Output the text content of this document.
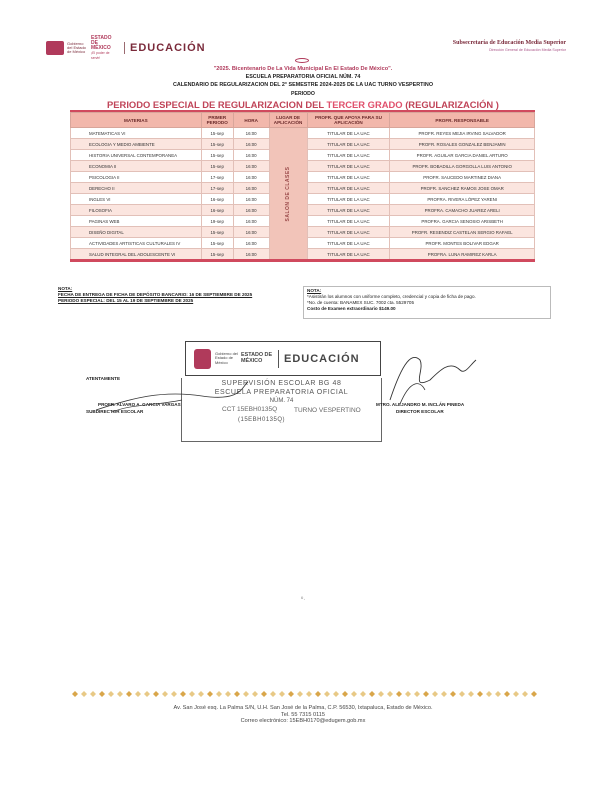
Gobierno del Estado de México
ESTADO DE MÉXICO
¡El poder de servir!
EDUCACIÓN	Subsecretaría de Educación Media Superior
Dirección General de Educación Media Superior
"2025. Bicentenario De La Vida Municipal En El Estado De México".
ESCUELA PREPARATORIA OFICIAL NÚM. 74
CALENDARIO DE REGULARIZACION DEL 2° SEMESTRE 2024-2025 DE LA UAC TURNO VESPERTINO
PERIODO
PERIODO ESPECIAL DE REGULARIZACION DEL TERCER GRADO (REGULARIZACIÓN )
MATERIAS	PRIMER PERIODO	HORA	LUGAR DE APLICACIÓN	PROFR. QUE APOYA PARA SU APLICACIÓN	PROFR. RESPONSABLE
MATEMATICAS VI	15-sep	16:00	SALON DE CLASES	TITULAR DE LA UAC	PROFR. REYES MEJIA IRVING SALVADOR
ECOLOGIA Y MEDIO AMBIENTE	15-sep	16:00		TITULAR DE LA UAC	PROFR. ROSALES GONZALEZ BENJAMIN
HISTORIA UNIVERSAL CONTEMPORANEA	15-sep	16:00		TITULAR DE LA UAC	PROFR. AGUILAR GARCIA DANIEL ARTURO
ECONOMIA II	15-sep	16:00		TITULAR DE LA UAC	PROFR. BOBADILLA GORGOLLA LUIS ANTONIO
PSICOLOGIA II	17-sep	16:00		TITULAR DE LA UAC	PROFR. SAUCEDO MARTINEZ DIANA
DERECHO II	17-sep	16:00		TITULAR DE LA UAC	PROFR. SANCHEZ RAMOS JOSE OMAR
INGLES VI	16-sep	16:00		TITULAR DE LA UAC	PROFRA. RIVERA LÓPEZ YARENI
FILOSOFIA	16-sep	16:00		TITULAR DE LA UAC	PROFRA. CAMACHO JUAREZ ARELI
PAGINAS WEB	19-sep	16:00		TITULAR DE LA UAC	PROFRA. GARCIA SENOSIO ARISBETH
DISEÑO DIGITAL	15-sep	16:00		TITULAR DE LA UAC	PROFR. RESENDIZ CASTELAN SERGIO RAFAEL
ACTIVIDADES ARTISTICAS CULTURALES IV	15-sep	16:00		TITULAR DE LA UAC	PROFR. MONTES BOLIVAR EDGAR
SALUD INTEGRAL DEL ADOLESCENTE VI	15-sep	16:00		TITULAR DE LA UAC	PROFRA. LUNA RAMIREZ KARLA
NOTA:
FECHA DE ENTREGA DE FICHA DE DEPÓSITO BANCARIO: 16 DE SEPTIEMBRE DE 2025
PERIODO ESPECIAL: DEL 15 AL 19 DE SEPTIEMBRE DE 2025
NOTA:
*Asistirán los alumnos con uniforme completo, credencial y copia de ficha de pago.
*No. de cuenta: BANAMEX SUC. 7002 cta. 5529705
Costo de Examen extraordinario $149.00
Gobierno del Estado de México
ESTADO DE MÉXICO	EDUCACIÓN
SUPERVISIÓN ESCOLAR BG 48
ESCUELA PREPARATORIA OFICIAL
NÚM. 74
CCT 15EBH0135Q	TURNO VESPERTINO
(15EBH0135Q)
ATENTAMENTE
PROFR. ALVARO A. GARCIA VARGAS
SUBDIRECTOR ESCOLAR
MTRO. ALEJANDRO M. INCLÁN PINEDA
DIRECTOR ESCOLAR
º·
Av. San José esq. La Palma S/N, U.H. San José de la Palma, C.P. 56530, Ixtapaluca, Estado de México.
Tel. 55 7315 0115
Correo electrónico: 15EBH0170@edugem.gob.mx
